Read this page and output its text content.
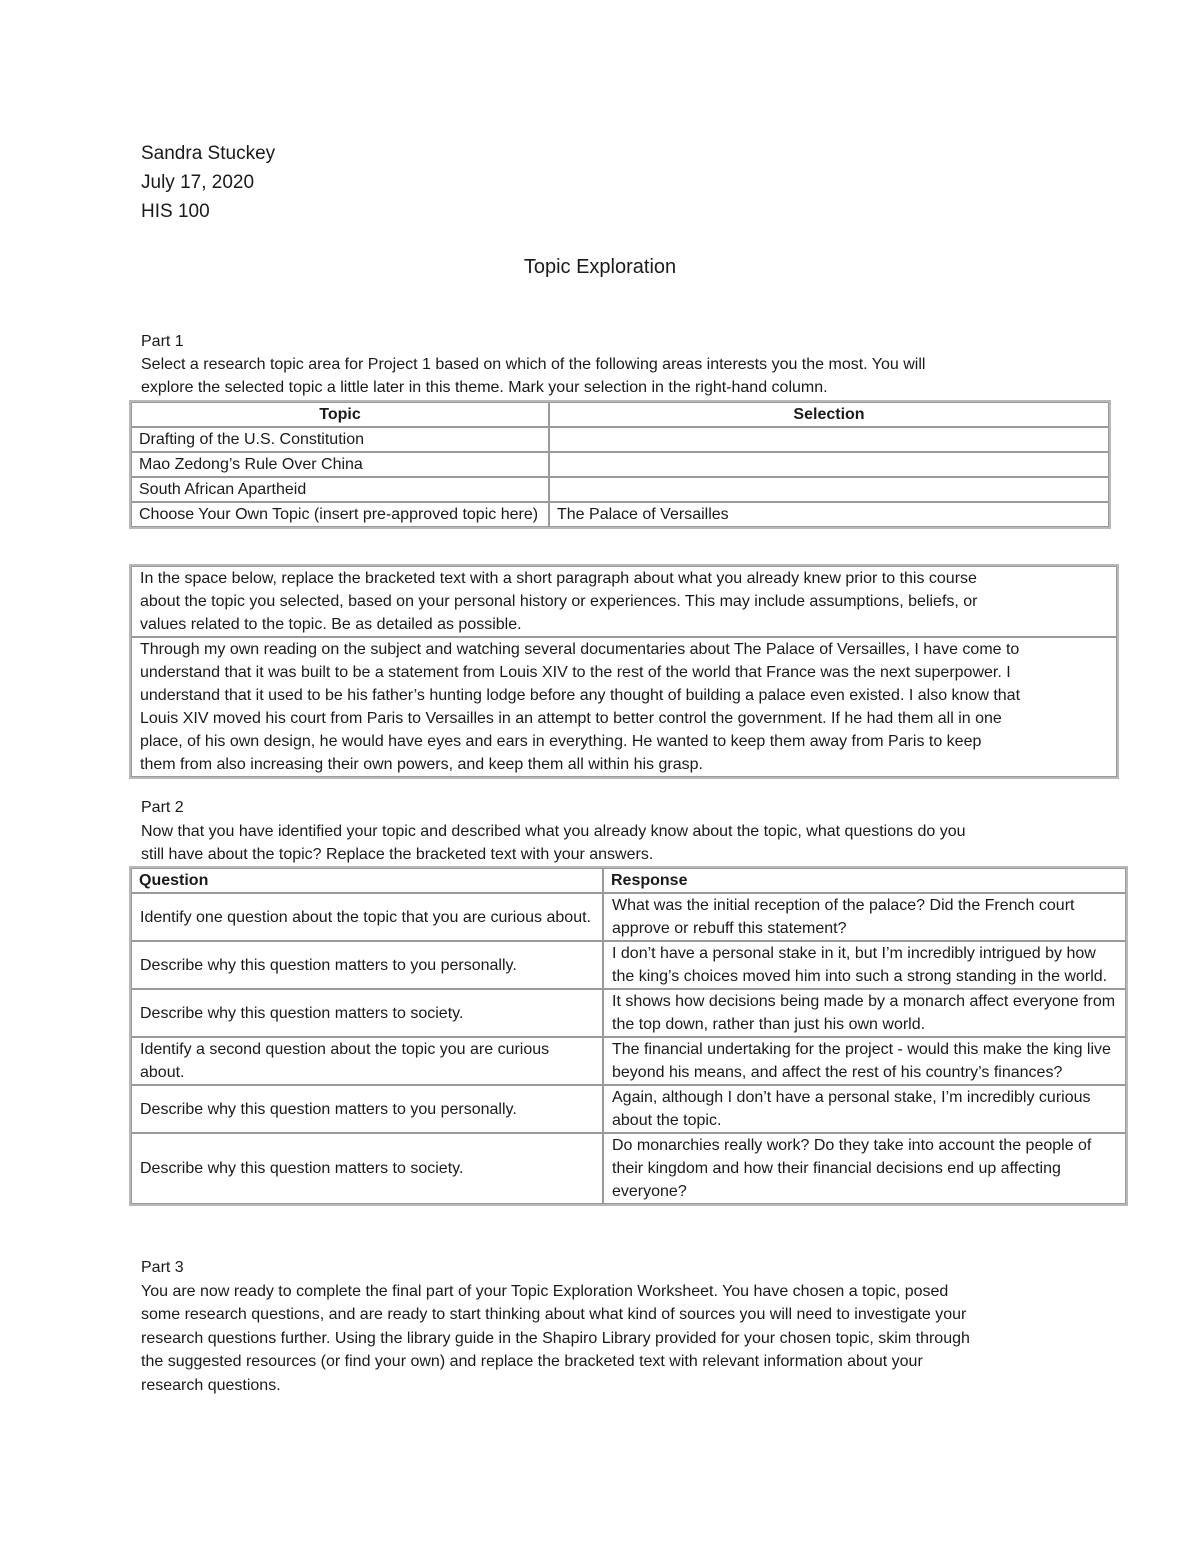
Sandra Stuckey
July 17, 2020
HIS 100
Topic Exploration
Part 1
Select a research topic area for Project 1 based on which of the following areas interests you the most. You will
explore the selected topic a little later in this theme. Mark your selection in the right-hand column.
Topic	Selection
Drafting of the U.S. Constitution	
Mao Zedong’s Rule Over China	
South African Apartheid	
Choose Your Own Topic (insert pre-approved topic here)	The Palace of Versailles
In the space below, replace the bracketed text with a short paragraph about what you already knew prior to this course
about the topic you selected, based on your personal history or experiences. This may include assumptions, beliefs, or
values related to the topic. Be as detailed as possible.

Through my own reading on the subject and watching several documentaries about The Palace of Versailles, I have come to
understand that it was built to be a statement from Louis XIV to the rest of the world that France was the next superpower. I
understand that it used to be his father’s hunting lodge before any thought of building a palace even existed. I also know that
Louis XIV moved his court from Paris to Versailles in an attempt to better control the government. If he had them all in one
place, of his own design, he would have eyes and ears in everything. He wanted to keep them away from Paris to keep
them from also increasing their own powers, and keep them all within his grasp.
Part 2
Now that you have identified your topic and described what you already know about the topic, what questions do you
still have about the topic? Replace the bracketed text with your answers.
Question	Response
Identify one question about the topic that you are curious about.	What was the initial reception of the palace? Did the French court approve or rebuff this statement?
Describe why this question matters to you personally.	I don’t have a personal stake in it, but I’m incredibly intrigued by how the king’s choices moved him into such a strong standing in the world.
Describe why this question matters to society.	It shows how decisions being made by a monarch affect everyone from the top down, rather than just his own world.
Identify a second question about the topic you are curious about.	The financial undertaking for the project - would this make the king live beyond his means, and affect the rest of his country’s finances?
Describe why this question matters to you personally.	Again, although I don’t have a personal stake, I’m incredibly curious about the topic.
Describe why this question matters to society.	Do monarchies really work? Do they take into account the people of their kingdom and how their financial decisions end up affecting everyone?
Part 3
You are now ready to complete the final part of your Topic Exploration Worksheet. You have chosen a topic, posed
some research questions, and are ready to start thinking about what kind of sources you will need to investigate your
research questions further. Using the library guide in the Shapiro Library provided for your chosen topic, skim through
the suggested resources (or find your own) and replace the bracketed text with relevant information about your
research questions.
